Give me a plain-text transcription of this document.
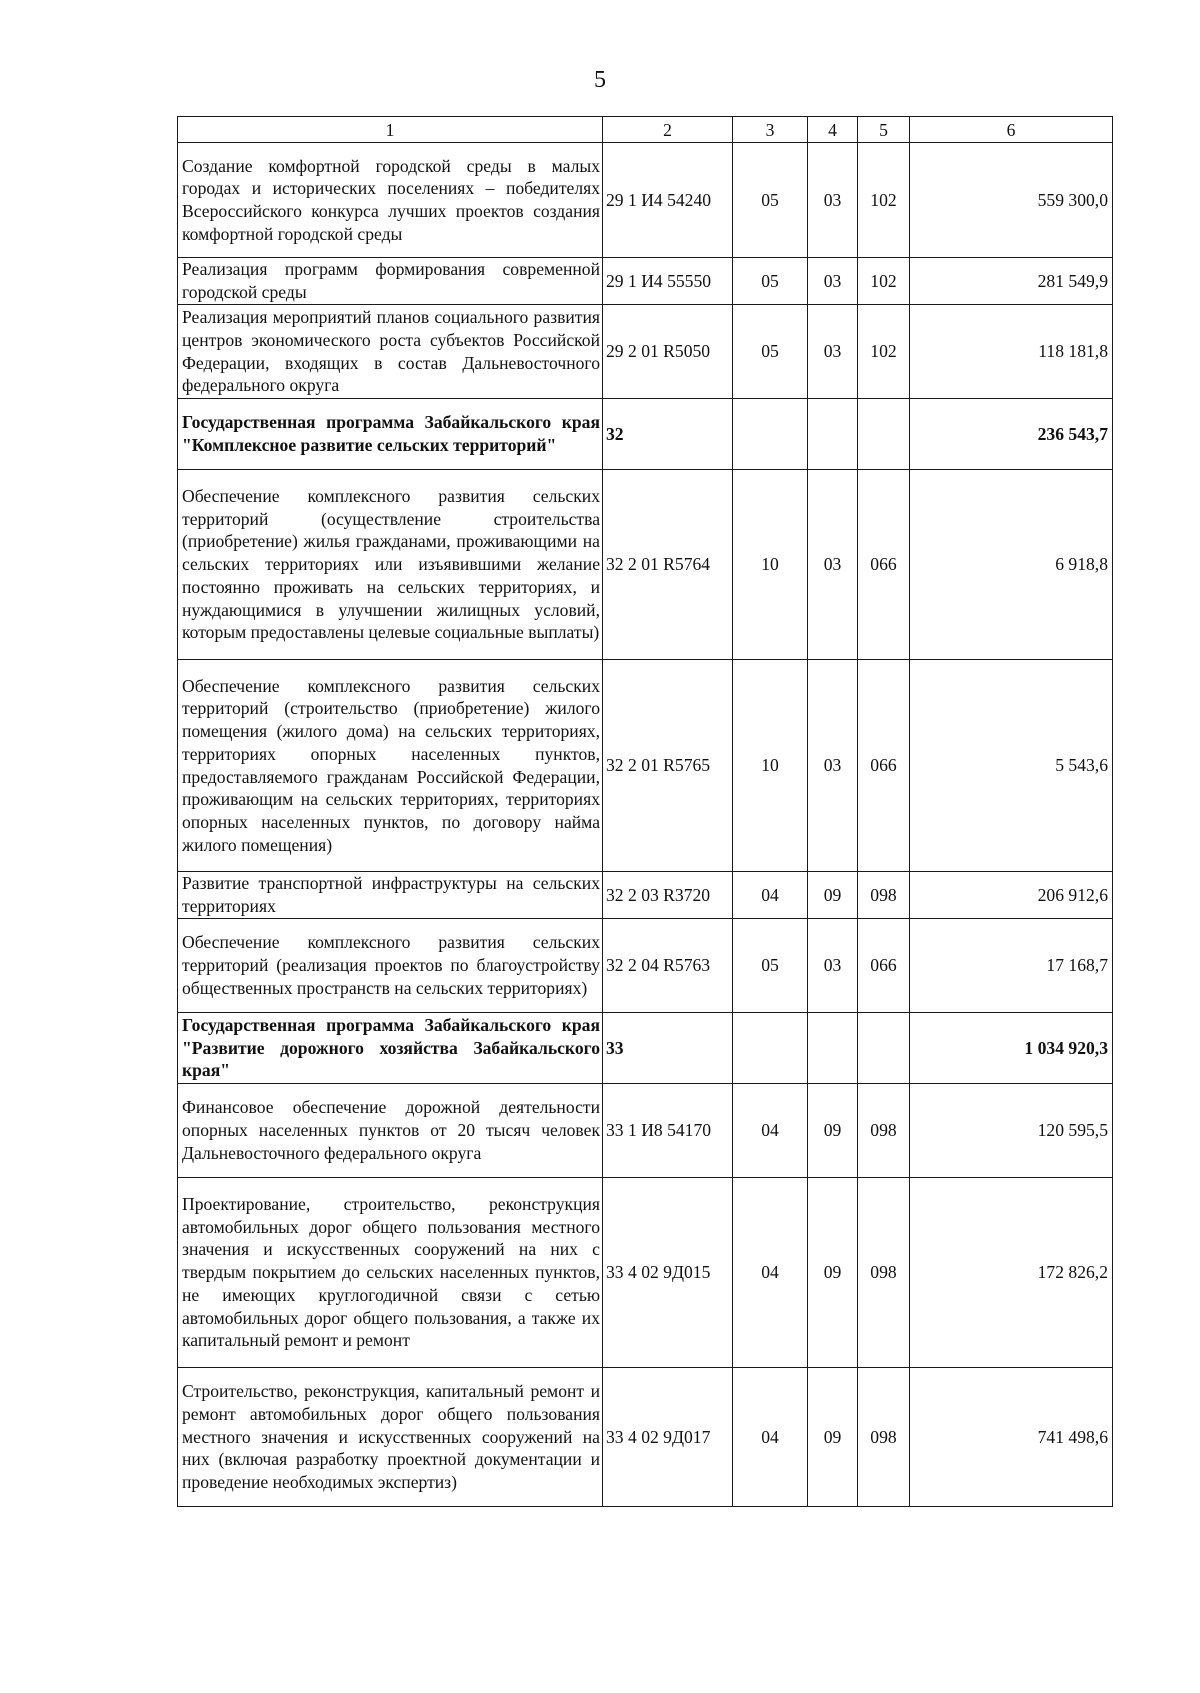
5
1	2	3	4	5	6
Создание комфортной городской среды в малых городах и исторических поселениях – победителях Всероссийского конкурса лучших проектов создания комфортной городской среды	29 1 И4 54240	05	03	102	559 300,0
Реализация программ формирования современной городской среды	29 1 И4 55550	05	03	102	281 549,9
Реализация мероприятий планов социального развития центров экономического роста субъектов Российской Федерации, входящих в состав Дальневосточного федерального округа	29 2 01 R5050	05	03	102	118 181,8
Государственная программа Забайкальского края "Комплексное развитие сельских территорий"	32				236 543,7
Обеспечение комплексного развития сельских территорий (осуществление строительства (приобретение) жилья гражданами, проживающими на сельских территориях или изъявившими желание постоянно проживать на сельских территориях, и нуждающимися в улучшении жилищных условий, которым предоставлены целевые социальные выплаты)	32 2 01 R5764	10	03	066	6 918,8
Обеспечение комплексного развития сельских территорий (строительство (приобретение) жилого помещения (жилого дома) на сельских территориях, территориях опорных населенных пунктов, предоставляемого гражданам Российской Федерации, проживающим на сельских территориях, территориях опорных населенных пунктов, по договору найма жилого помещения)	32 2 01 R5765	10	03	066	5 543,6
Развитие транспортной инфраструктуры на сельских территориях	32 2 03 R3720	04	09	098	206 912,6
Обеспечение комплексного развития сельских территорий (реализация проектов по благоустройству общественных пространств на сельских территориях)	32 2 04 R5763	05	03	066	17 168,7
Государственная программа Забайкальского края "Развитие дорожного хозяйства Забайкальского края"	33				1 034 920,3
Финансовое обеспечение дорожной деятельности опорных населенных пунктов от 20 тысяч человек Дальневосточного федерального округа	33 1 И8 54170	04	09	098	120 595,5
Проектирование, строительство, реконструкция автомобильных дорог общего пользования местного значения и искусственных сооружений на них с твердым покрытием до сельских населенных пунктов, не имеющих круглогодичной связи с сетью автомобильных дорог общего пользования, а также их капитальный ремонт и ремонт	33 4 02 9Д015	04	09	098	172 826,2
Строительство, реконструкция, капитальный ремонт и ремонт автомобильных дорог общего пользования местного значения и искусственных сооружений на них (включая разработку проектной документации и проведение необходимых экспертиз)	33 4 02 9Д017	04	09	098	741 498,6
